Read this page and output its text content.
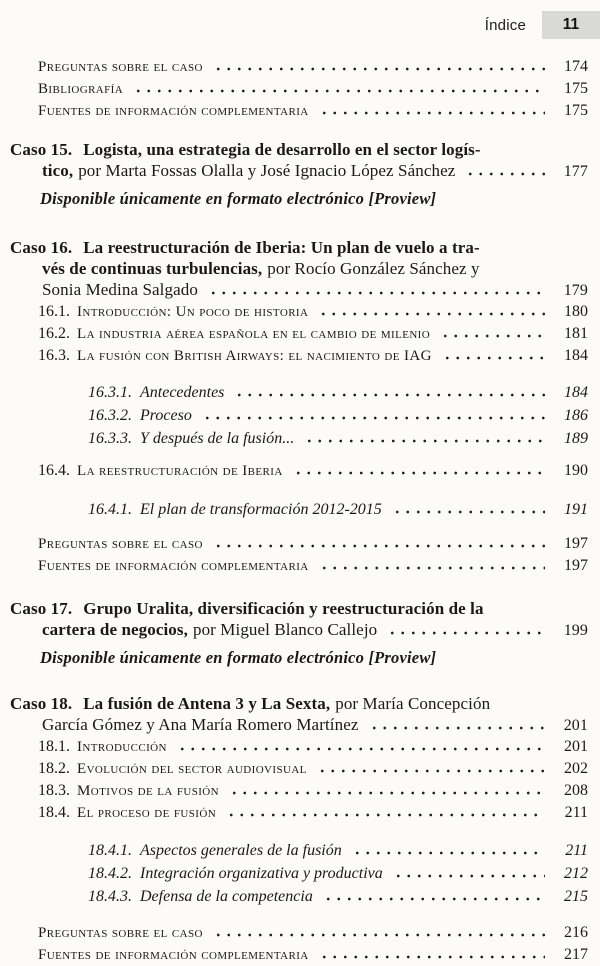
Índice 11
Preguntas sobre el caso	174
Bibliografía	175
Fuentes de información complementaria	175
Caso 15. Logista, una estrategia de desarrollo en el sector logís-
tico, por Marta Fossas Olalla y José Ignacio López Sánchez	177
Disponible únicamente en formato electrónico [Proview]
Caso 16. La reestructuración de Iberia: Un plan de vuelo a tra-
vés de continuas turbulencias, por Rocío González Sánchez y
Sonia Medina Salgado	179
16.1. Introducción: Un poco de historia	180
16.2. La industria aérea española en el cambio de milenio	181
16.3. La fusión con British Airways: el nacimiento de IAG	184
16.3.1. Antecedentes	184
16.3.2. Proceso	186
16.3.3. Y después de la fusión...	189
16.4. La reestructuración de Iberia	190
16.4.1. El plan de transformación 2012-2015	191
Preguntas sobre el caso	197
Fuentes de información complementaria	197
Caso 17. Grupo Uralita, diversificación y reestructuración de la
cartera de negocios, por Miguel Blanco Callejo	199
Disponible únicamente en formato electrónico [Proview]
Caso 18. La fusión de Antena 3 y La Sexta, por María Concepción
García Gómez y Ana María Romero Martínez	201
18.1. Introducción	201
18.2. Evolución del sector audiovisual	202
18.3. Motivos de la fusión	208
18.4. El proceso de fusión	211
18.4.1. Aspectos generales de la fusión	211
18.4.2. Integración organizativa y productiva	212
18.4.3. Defensa de la competencia	215
Preguntas sobre el caso	216
Fuentes de información complementaria	217
